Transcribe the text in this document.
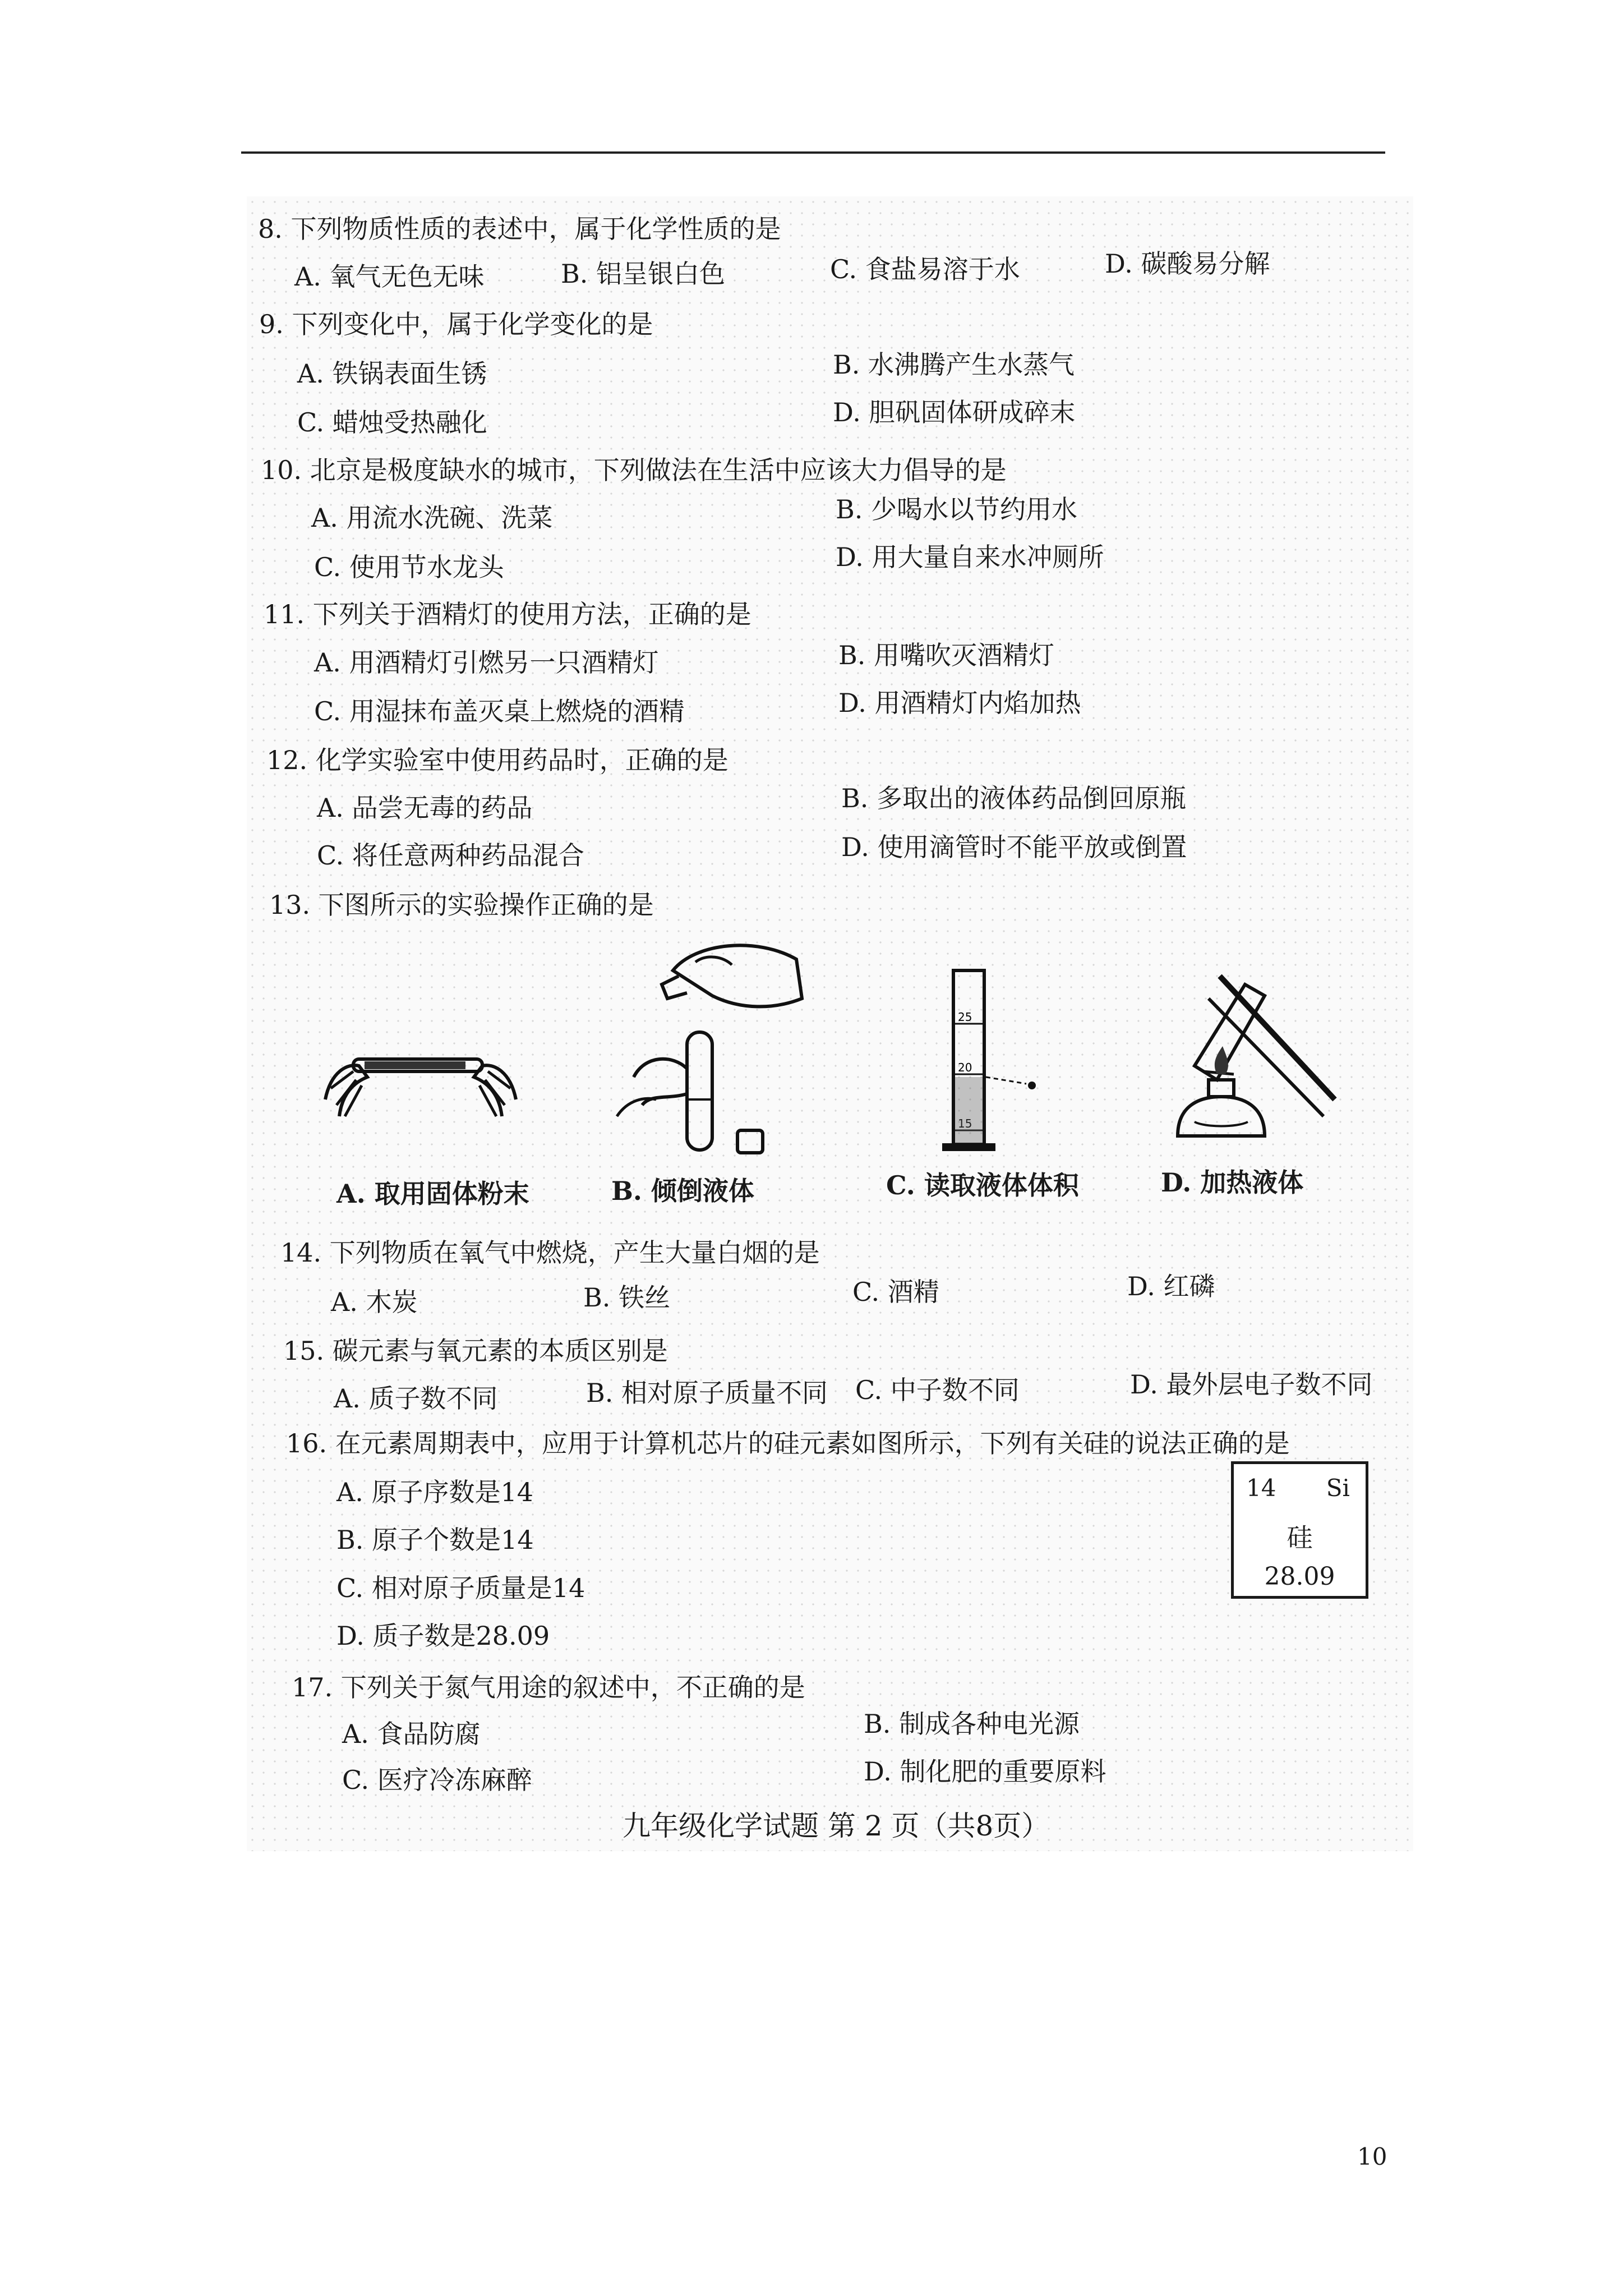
8. 下列物质性质的表述中，属于化学性质的是
A. 氧气无色无味	B. 铝呈银白色	C. 食盐易溶于水	D. 碳酸易分解
9. 下列变化中，属于化学变化的是
A. 铁锅表面生锈	B. 水沸腾产生水蒸气
C. 蜡烛受热融化	D. 胆矾固体研成碎末
10. 北京是极度缺水的城市，下列做法在生活中应该大力倡导的是
A. 用流水洗碗、洗菜	B. 少喝水以节约用水
C. 使用节水龙头	D. 用大量自来水冲厕所
11. 下列关于酒精灯的使用方法，正确的是
A. 用酒精灯引燃另一只酒精灯	B. 用嘴吹灭酒精灯
C. 用湿抹布盖灭桌上燃烧的酒精	D. 用酒精灯内焰加热
12. 化学实验室中使用药品时，正确的是
A. 品尝无毒的药品	B. 多取出的液体药品倒回原瓶
C. 将任意两种药品混合	D. 使用滴管时不能平放或倒置
13. 下图所示的实验操作正确的是
A. 取用固体粉末	B. 倾倒液体
25
20
15
C. 读取液体体积	D. 加热液体
14. 下列物质在氧气中燃烧，产生大量白烟的是
A. 木炭	B. 铁丝	C. 酒精	D. 红磷
15. 碳元素与氧元素的本质区别是
A. 质子数不同	B. 相对原子质量不同 C. 中子数不同	D. 最外层电子数不同
16. 在元素周期表中，应用于计算机芯片的硅元素如图所示，下列有关硅的说法正确的是
A. 原子序数是14
B. 原子个数是14
C. 相对原子质量是14
D. 质子数是28.09
14 Si
硅
28.09
17. 下列关于氮气用途的叙述中，不正确的是
A. 食品防腐	B. 制成各种电光源
C. 医疗冷冻麻醉	D. 制化肥的重要原料
九年级化学试题 第 2 页（共8页）
10
